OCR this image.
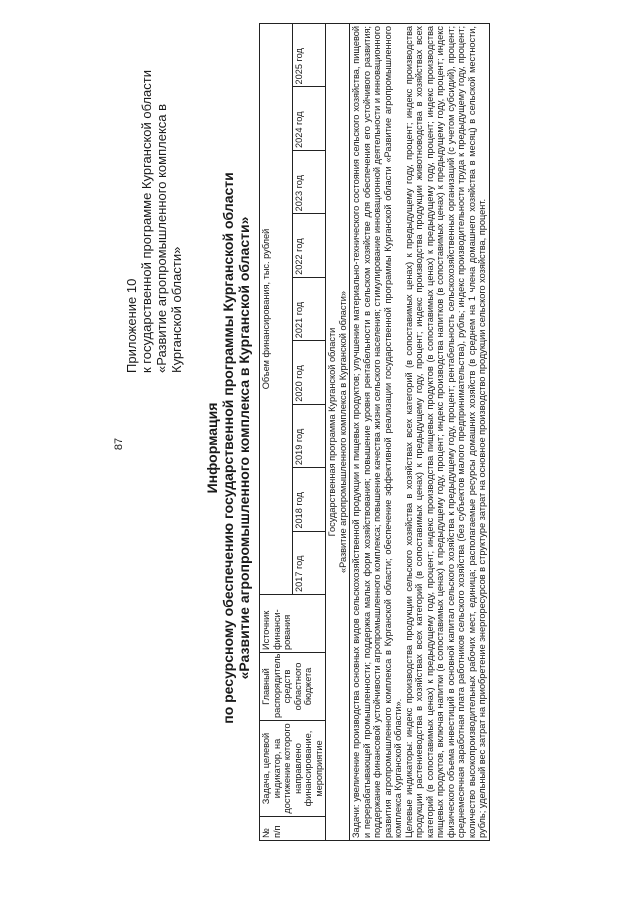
87
Приложение 10 к государственной программе Курганской области «Развитие агропромышленного комплекса в Курганской области»
Информация по ресурсному обеспечению государственной программы Курганской области «Развитие агропромышленного комплекса в Курганской области»
№ п/п	Задача, целевой индикатор, на достижение которого направлено финансирование, мероприятие	Главный распорядитель средств областного бюджета	Источник финанси-рования	Объем финансирования, тыс. рублей								
				2017 год	2018 год	2019 год	2020 год	2021 год	2022 год	2023 год	2024 год	2025 год

Государственная программа Курганской области «Развитие агропромышленного комплекса в Курганской области»												

Задачи: увеличение производства основных видов сельскохозяйственной продукции и пищевых продуктов; улучшение материально-технического состояния сельского хозяйства, пищевой и перерабатывающей промышленности; поддержка малых форм хозяйствования; повышение уровня рентабельности в сельском хозяйстве для обеспечения его устойчивого развития; поддержание финансовой устойчивости агропромышленного комплекса; повышение качества жизни сельского населения; стимулирование инновационной деятельности и инновационного развития агропромышленного комплекса в Курганской области; обеспечение эффективной реализации государственной программы Курганской области «Развитие агропромышленного комплекса Курганской области». Целевые индикаторы: индекс производства продукции сельского хозяйства в хозяйствах всех категорий (в сопоставимых ценах) к предыдущему году, процент; индекс производства продукции растениеводства в хозяйствах всех категорий (в сопоставимых ценах) к предыдущему году, процент; индекс производства продукции животноводства в хозяйствах всех категорий (в сопоставимых ценах) к предыдущему году, процент; индекс производства пищевых продуктов (в сопоставимых ценах) к предыдущему году, процент; индекс производства пищевых продуктов, включая напитки (в сопоставимых ценах) к предыдущему году, процент; индекс производства напитков (в сопоставимых ценах) к предыдущему году, процент; индекс физического объема инвестиций в основной капитал сельского хозяйства к предыдущему году, процент; рентабельность сельскохозяйственных организаций (с учетом субсидий), процент; среднемесячная заработная плата работников сельского хозяйства (без субъектов малого предпринимательства), рубль; индекс производительности труда к предыдущему году, процент; количество высокопроизводительных рабочих мест, единица; располагаемые ресурсы домашних хозяйств (в среднем на 1 члена домашнего хозяйства в месяц) в сельской местности, рубль; удельный вес затрат на приобретение энергоресурсов в структуре затрат на основное производство продукции сельского хозяйства, процент.												
